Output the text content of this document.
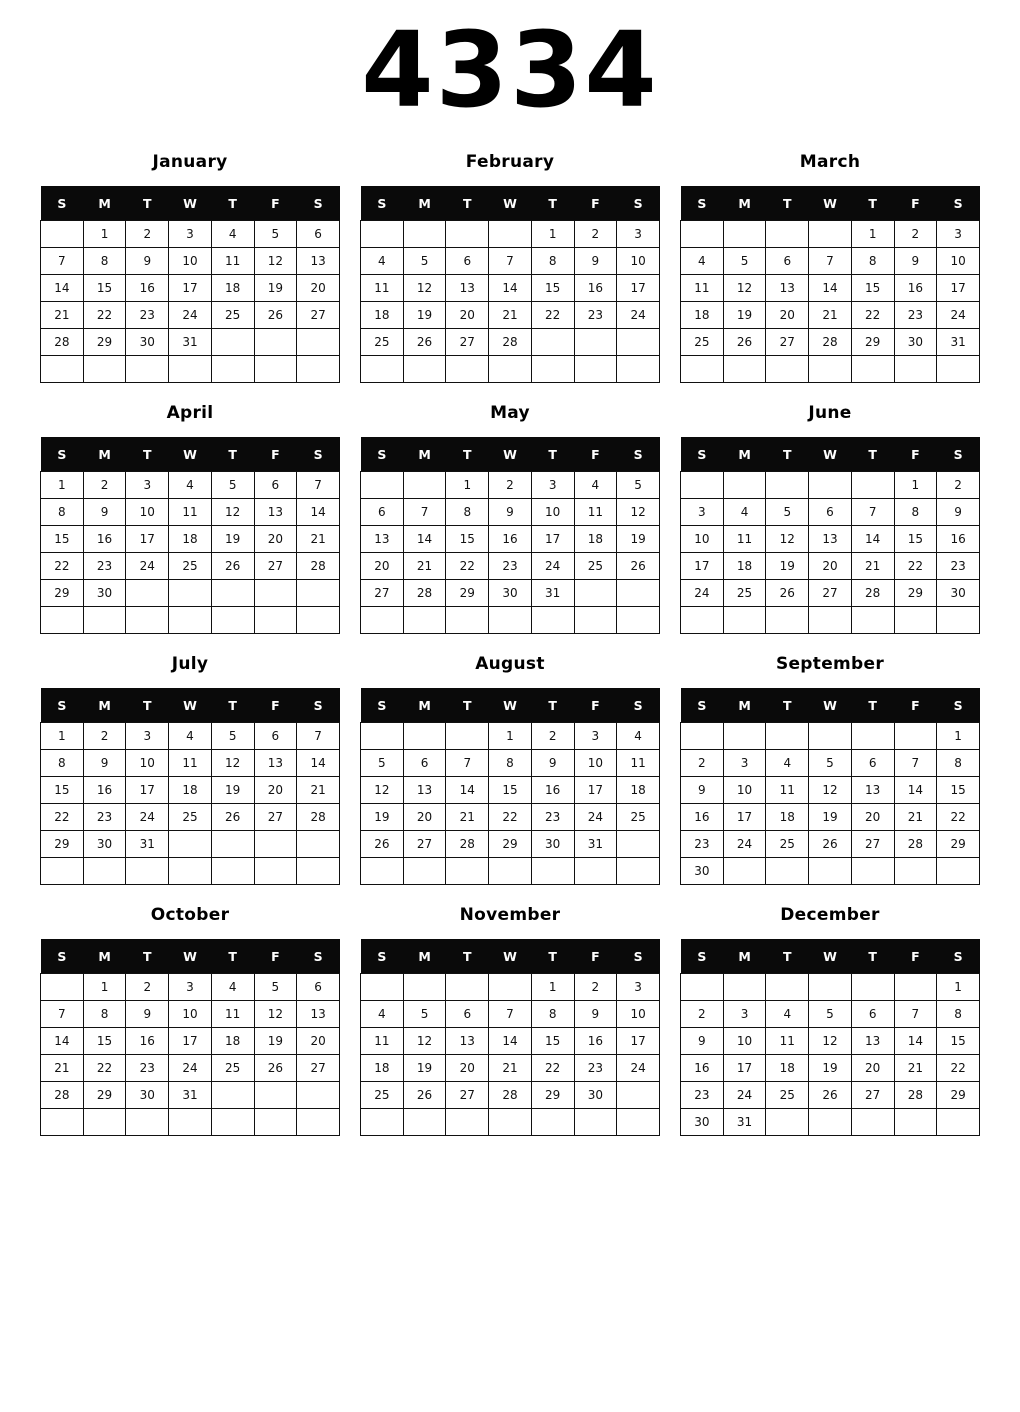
4334
January
S	M	T	W	T	F	S
	1	2	3	4	5	6
7	8	9	10	11	12	13
14	15	16	17	18	19	20
21	22	23	24	25	26	27
28	29	30	31			

February
S	M	T	W	T	F	S
				1	2	3
4	5	6	7	8	9	10
11	12	13	14	15	16	17
18	19	20	21	22	23	24
25	26	27	28			

March
S	M	T	W	T	F	S
				1	2	3
4	5	6	7	8	9	10
11	12	13	14	15	16	17
18	19	20	21	22	23	24
25	26	27	28	29	30	31

April
S	M	T	W	T	F	S
1	2	3	4	5	6	7
8	9	10	11	12	13	14
15	16	17	18	19	20	21
22	23	24	25	26	27	28
29	30					

May
S	M	T	W	T	F	S
		1	2	3	4	5
6	7	8	9	10	11	12
13	14	15	16	17	18	19
20	21	22	23	24	25	26
27	28	29	30	31		

June
S	M	T	W	T	F	S
					1	2
3	4	5	6	7	8	9
10	11	12	13	14	15	16
17	18	19	20	21	22	23
24	25	26	27	28	29	30

July
S	M	T	W	T	F	S
1	2	3	4	5	6	7
8	9	10	11	12	13	14
15	16	17	18	19	20	21
22	23	24	25	26	27	28
29	30	31				

August
S	M	T	W	T	F	S
			1	2	3	4
5	6	7	8	9	10	11
12	13	14	15	16	17	18
19	20	21	22	23	24	25
26	27	28	29	30	31	

September
S	M	T	W	T	F	S
						1
2	3	4	5	6	7	8
9	10	11	12	13	14	15
16	17	18	19	20	21	22
23	24	25	26	27	28	29
30						
October
S	M	T	W	T	F	S
	1	2	3	4	5	6
7	8	9	10	11	12	13
14	15	16	17	18	19	20
21	22	23	24	25	26	27
28	29	30	31			

November
S	M	T	W	T	F	S
				1	2	3
4	5	6	7	8	9	10
11	12	13	14	15	16	17
18	19	20	21	22	23	24
25	26	27	28	29	30	

December
S	M	T	W	T	F	S
						1
2	3	4	5	6	7	8
9	10	11	12	13	14	15
16	17	18	19	20	21	22
23	24	25	26	27	28	29
30	31					
